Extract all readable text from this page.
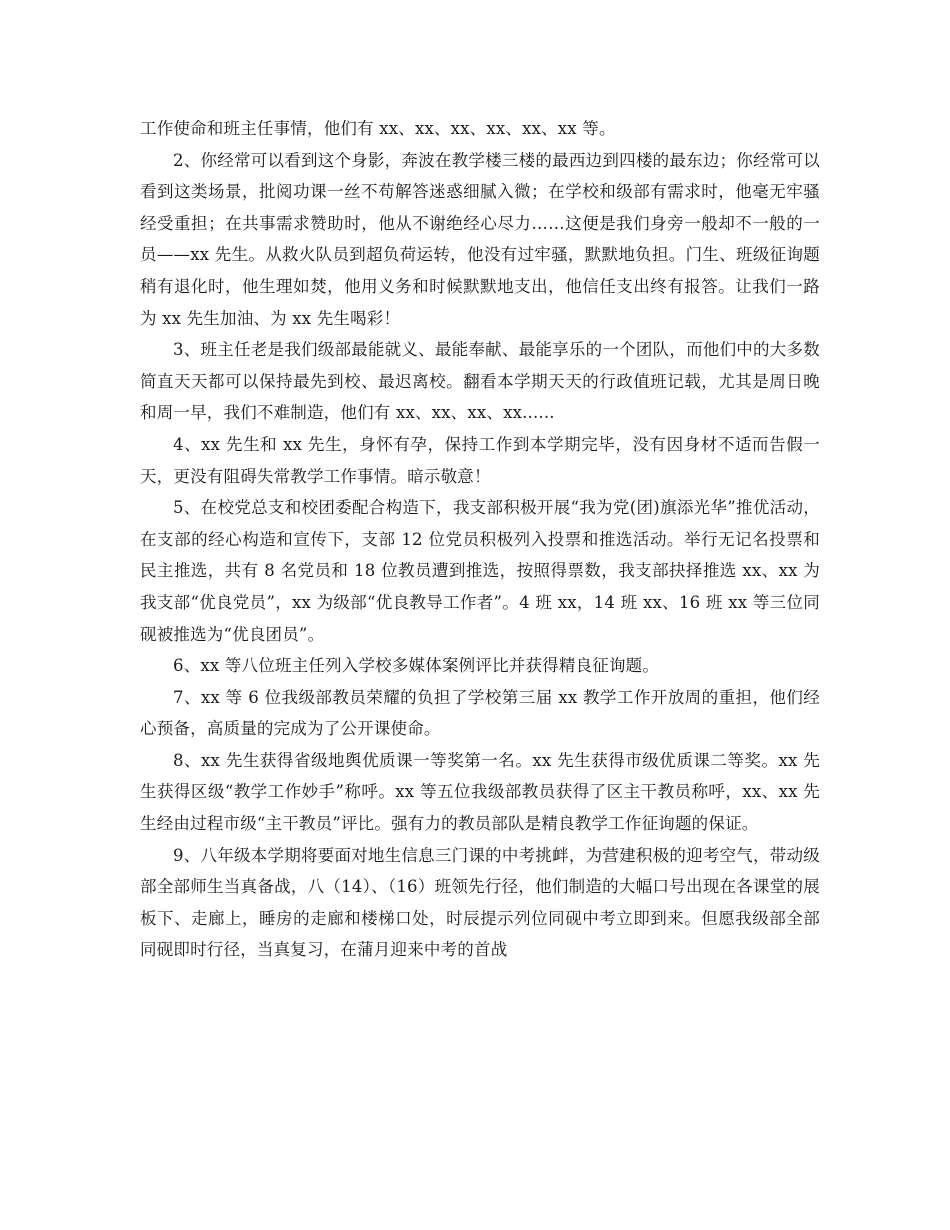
工作使命和班主任事情，他们有 xx、xx、xx、xx、xx、xx 等。

2、你经常可以看到这个身影，奔波在教学楼三楼的最西边到四楼的最东边；你经常可以看到这类场景，批阅功课一丝不苟解答迷惑细腻入微；在学校和级部有需求时，他毫无牢骚经受重担；在共事需求赞助时，他从不谢绝经心尽力……这便是我们身旁一般却不一般的一员——xx 先生。从救火队员到超负荷运转，他没有过牢骚，默默地负担。门生、班级征询题稍有退化时，他生理如焚，他用义务和时候默默地支出，他信任支出终有报答。让我们一路为 xx 先生加油、为 xx 先生喝彩！

3、班主任老是我们级部最能就义、最能奉献、最能享乐的一个团队，而他们中的大多数简直天天都可以保持最先到校、最迟离校。翻看本学期天天的行政值班记载，尤其是周日晚和周一早，我们不难制造，他们有 xx、xx、xx、xx......

4、xx 先生和 xx 先生，身怀有孕，保持工作到本学期完毕，没有因身材不适而告假一天，更没有阻碍失常教学工作事情。暗示敬意！

5、在校党总支和校团委配合构造下，我支部积极开展“我为党(团)旗添光华”推优活动，在支部的经心构造和宣传下，支部 12 位党员积极列入投票和推选活动。举行无记名投票和民主推选，共有 8 名党员和 18 位教员遭到推选，按照得票数，我支部抉择推选 xx、xx 为我支部“优良党员”，xx 为级部“优良教导工作者”。4 班 xx，14 班 xx、16 班 xx 等三位同砚被推选为“优良团员”。

6、xx 等八位班主任列入学校多媒体案例评比并获得精良征询题。

7、xx 等 6 位我级部教员荣耀的负担了学校第三届 xx 教学工作开放周的重担，他们经心预备，高质量的完成为了公开课使命。

8、xx 先生获得省级地舆优质课一等奖第一名。xx 先生获得市级优质课二等奖。xx 先生获得区级“教学工作妙手”称呼。xx 等五位我级部教员获得了区主干教员称呼，xx、xx 先生经由过程市级“主干教员”评比。强有力的教员部队是精良教学工作征询题的保证。

9、八年级本学期将要面对地生信息三门课的中考挑衅，为营建积极的迎考空气，带动级部全部师生当真备战，八（14）、（16）班领先行径，他们制造的大幅口号出现在各课堂的展板下、走廊上，睡房的走廊和楼梯口处，时辰提示列位同砚中考立即到来。但愿我级部全部同砚即时行径，当真复习，在蒲月迎来中考的首战
